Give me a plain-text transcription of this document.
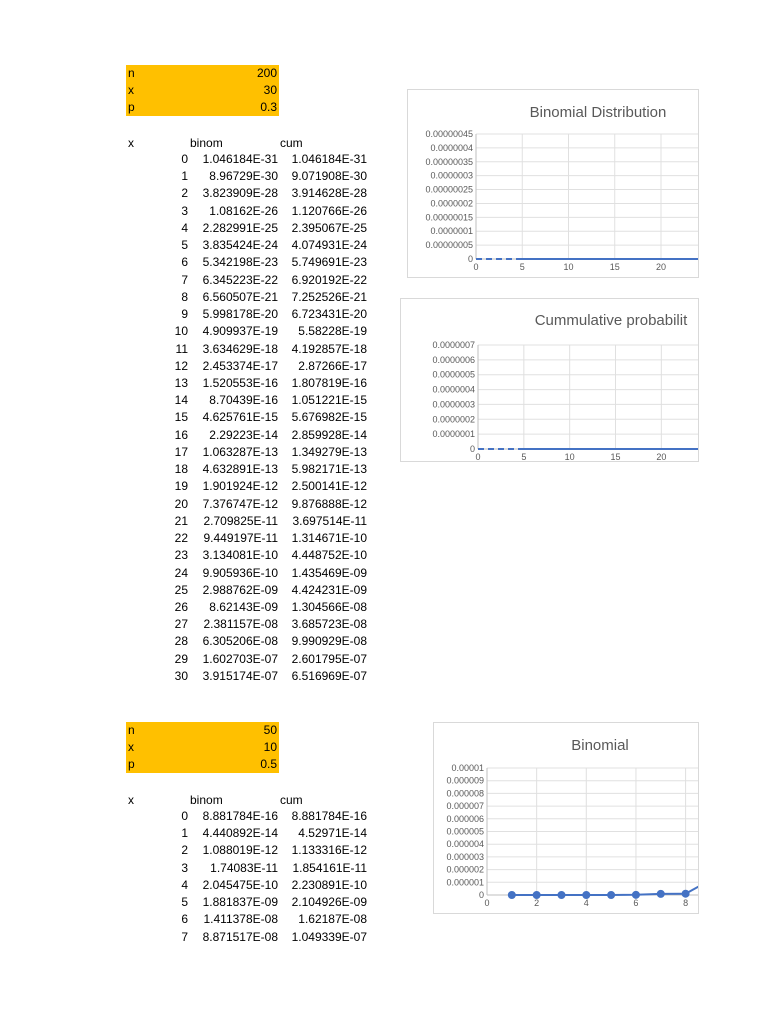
n	200
x	30
p	0.3
x	binom	cum
0	1.046184E-31	1.046184E-31
1	8.96729E-30	9.071908E-30
2	3.823909E-28	3.914628E-28
3	1.08162E-26	1.120766E-26
4	2.282991E-25	2.395067E-25
5	3.835424E-24	4.074931E-24
6	5.342198E-23	5.749691E-23
7	6.345223E-22	6.920192E-22
8	6.560507E-21	7.252526E-21
9	5.998178E-20	6.723431E-20
10	4.909937E-19	5.58228E-19
11	3.634629E-18	4.192857E-18
12	2.453374E-17	2.87266E-17
13	1.520553E-16	1.807819E-16
14	8.70439E-16	1.051221E-15
15	4.625761E-15	5.676982E-15
16	2.29223E-14	2.859928E-14
17	1.063287E-13	1.349279E-13
18	4.632891E-13	5.982171E-13
19	1.901924E-12	2.500141E-12
20	7.376747E-12	9.876888E-12
21	2.709825E-11	3.697514E-11
22	9.449197E-11	1.314671E-10
23	3.134081E-10	4.448752E-10
24	9.905936E-10	1.435469E-09
25	2.988762E-09	4.424231E-09
26	8.62143E-09	1.304566E-08
27	2.381157E-08	3.685723E-08
28	6.305206E-08	9.990929E-08
29	1.602703E-07	2.601795E-07
30	3.915174E-07	6.516969E-07
n	50
x	10
p	0.5
x	binom	cum
0	8.881784E-16	8.881784E-16
1	4.440892E-14	4.52971E-14
2	1.088019E-12	1.133316E-12
3	1.74083E-11	1.854161E-11
4	2.045475E-10	2.230891E-10
5	1.881837E-09	2.104926E-09
6	1.411378E-08	1.62187E-08
7	8.871517E-08	1.049339E-07
Binomial Distribution
0
0.00000005
0.0000001
0.00000015
0.0000002
0.00000025
0.0000003
0.00000035
0.0000004
0.00000045
0	5	10	15	20
Cummulative probabilit
0
0.0000001
0.0000002
0.0000003
0.0000004
0.0000005
0.0000006
0.0000007
0	5	10	15	20
Binomial
0
0.000001
0.000002
0.000003
0.000004
0.000005
0.000006
0.000007
0.000008
0.000009
0.00001
0	2	4	6	8
